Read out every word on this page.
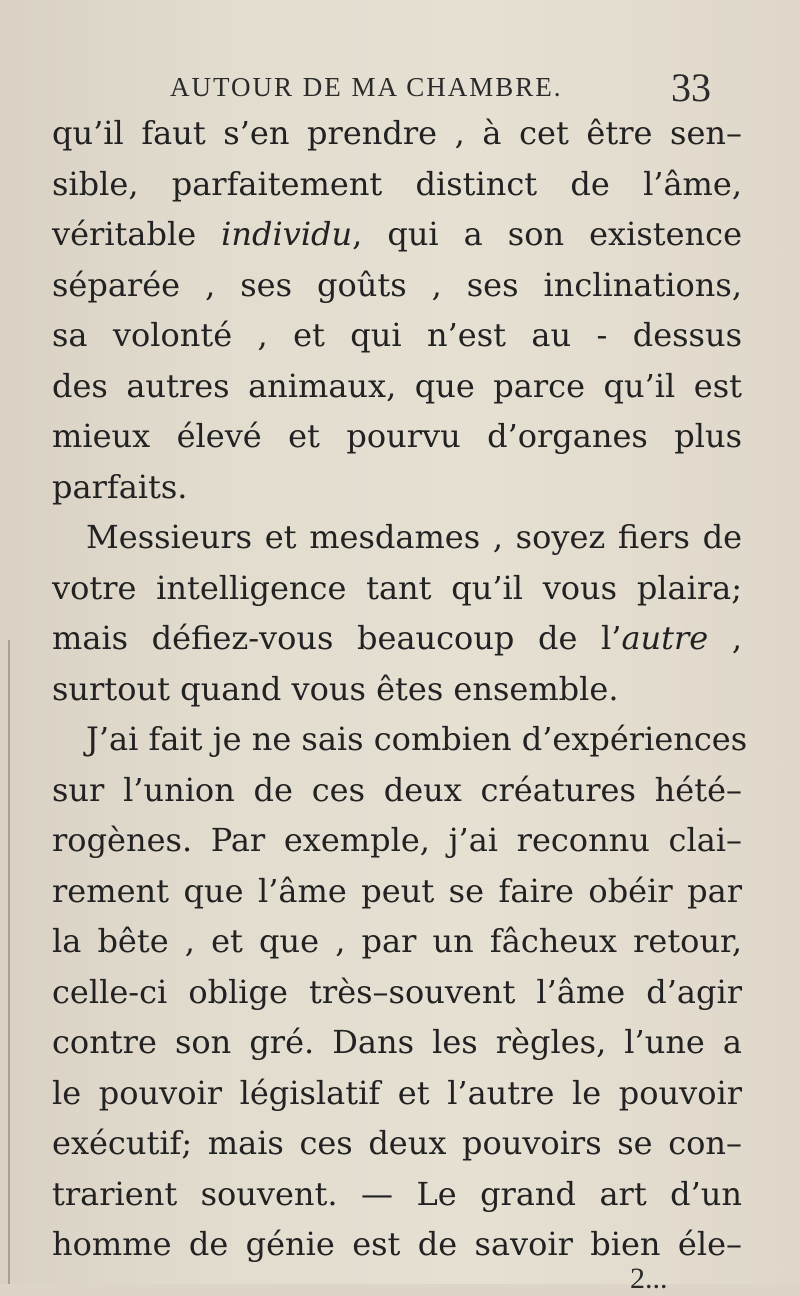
AUTOUR DE MA CHAMBRE.	33
qu’il faut s’en prendre , à cet être sen–
sible, parfaitement distinct de l’âme,
véritable individu, qui a son existence
séparée , ses goûts , ses inclinations,
sa volonté , et qui n’est au - dessus
des autres animaux, que parce qu’il est
mieux élevé et pourvu d’organes plus
parfaits.
Messieurs et mesdames , soyez fiers de
votre intelligence tant qu’il vous plaira;
mais défiez-vous beaucoup de l’autre ,
surtout quand vous êtes ensemble.
J’ai fait je ne sais combien d’expériences
sur l’union de ces deux créatures hété–
rogènes. Par exemple, j’ai reconnu clai–
rement que l’âme peut se faire obéir par
la bête , et que , par un fâcheux retour,
celle-ci oblige très–souvent l’âme d’agir
contre son gré. Dans les règles, l’une a
le pouvoir législatif et l’autre le pouvoir
exécutif; mais ces deux pouvoirs se con–
trarient souvent. — Le grand art d’un
homme de génie est de savoir bien éle–
2...
